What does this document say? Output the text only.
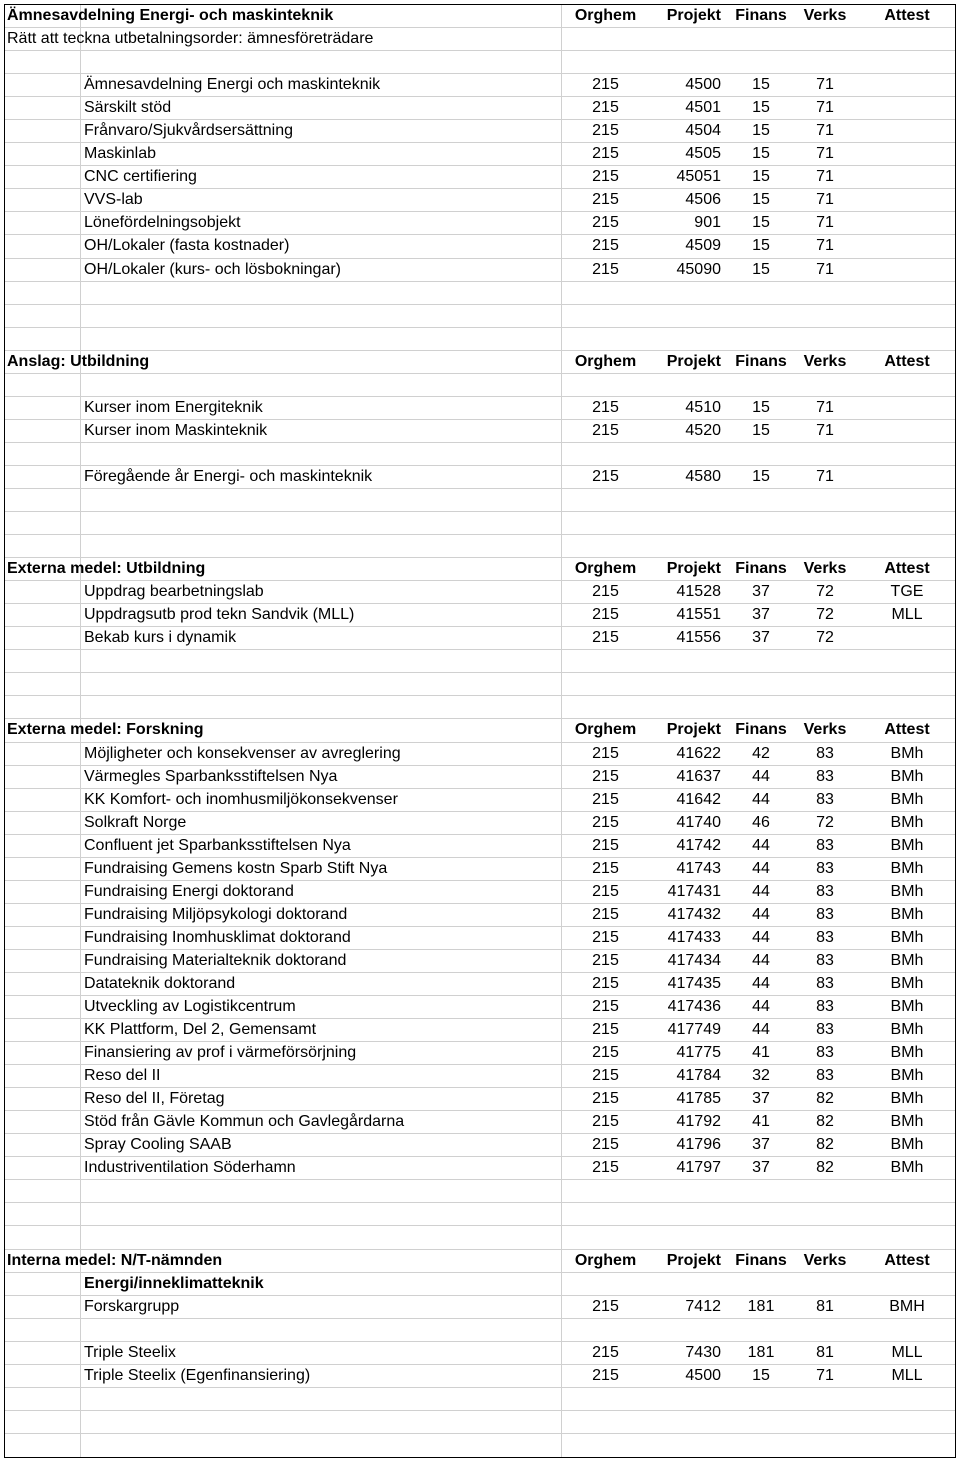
Ämnesavdelning Energi- och maskinteknik	Orghem	Projekt Finans	Verks	Attest
Rätt att teckna utbetalningsorder: ämnesföreträdare
Ämnesavdelning Energi och maskinteknik	215	4500	15	71
Särskilt stöd	215	4501	15	71
Frånvaro/Sjukvårdsersättning	215	4504	15	71
Maskinlab	215	4505	15	71
CNC certifiering	215	45051	15	71
VVS-lab	215	4506	15	71
Lönefördelningsobjekt	215	901	15	71
OH/Lokaler (fasta kostnader)	215	4509	15	71
OH/Lokaler (kurs- och lösbokningar)	215	45090	15	71
Anslag: Utbildning	Orghem	Projekt Finans	Verks	Attest
Kurser inom Energiteknik	215	4510	15	71
Kurser inom Maskinteknik	215	4520	15	71
Föregående år Energi- och maskinteknik	215	4580	15	71
Externa medel: Utbildning	Orghem	Projekt Finans	Verks	Attest
Uppdrag bearbetningslab	215	41528	37	72	TGE
Uppdragsutb prod tekn Sandvik (MLL)	215	41551	37	72	MLL
Bekab kurs i dynamik	215	41556	37	72
Externa medel: Forskning	Orghem	Projekt Finans	Verks	Attest
Möjligheter och konsekvenser av avreglering	215	41622	42	83	BMh
Värmegles Sparbanksstiftelsen Nya	215	41637	44	83	BMh
KK Komfort- och inomhusmiljökonsekvenser	215	41642	44	83	BMh
Solkraft Norge	215	41740	46	72	BMh
Confluent jet Sparbanksstiftelsen Nya	215	41742	44	83	BMh
Fundraising Gemens kostn Sparb Stift Nya	215	41743	44	83	BMh
Fundraising Energi doktorand	215	417431	44	83	BMh
Fundraising Miljöpsykologi doktorand	215	417432	44	83	BMh
Fundraising Inomhusklimat doktorand	215	417433	44	83	BMh
Fundraising Materialteknik doktorand	215	417434	44	83	BMh
Datateknik doktorand	215	417435	44	83	BMh
Utveckling av Logistikcentrum	215	417436	44	83	BMh
KK Plattform, Del 2, Gemensamt	215	417749	44	83	BMh
Finansiering av prof i värmeförsörjning	215	41775	41	83	BMh
Reso del II	215	41784	32	83	BMh
Reso del II, Företag	215	41785	37	82	BMh
Stöd från Gävle Kommun och Gavlegårdarna	215	41792	41	82	BMh
Spray Cooling SAAB	215	41796	37	82	BMh
Industriventilation Söderhamn	215	41797	37	82	BMh
Interna medel: N/T-nämnden	Orghem	Projekt Finans	Verks	Attest
Energi/inneklimatteknik
Forskargrupp	215	7412	181	81	BMH
Triple Steelix	215	7430	181	81	MLL
Triple Steelix (Egenfinansiering)	215	4500	15	71	MLL
